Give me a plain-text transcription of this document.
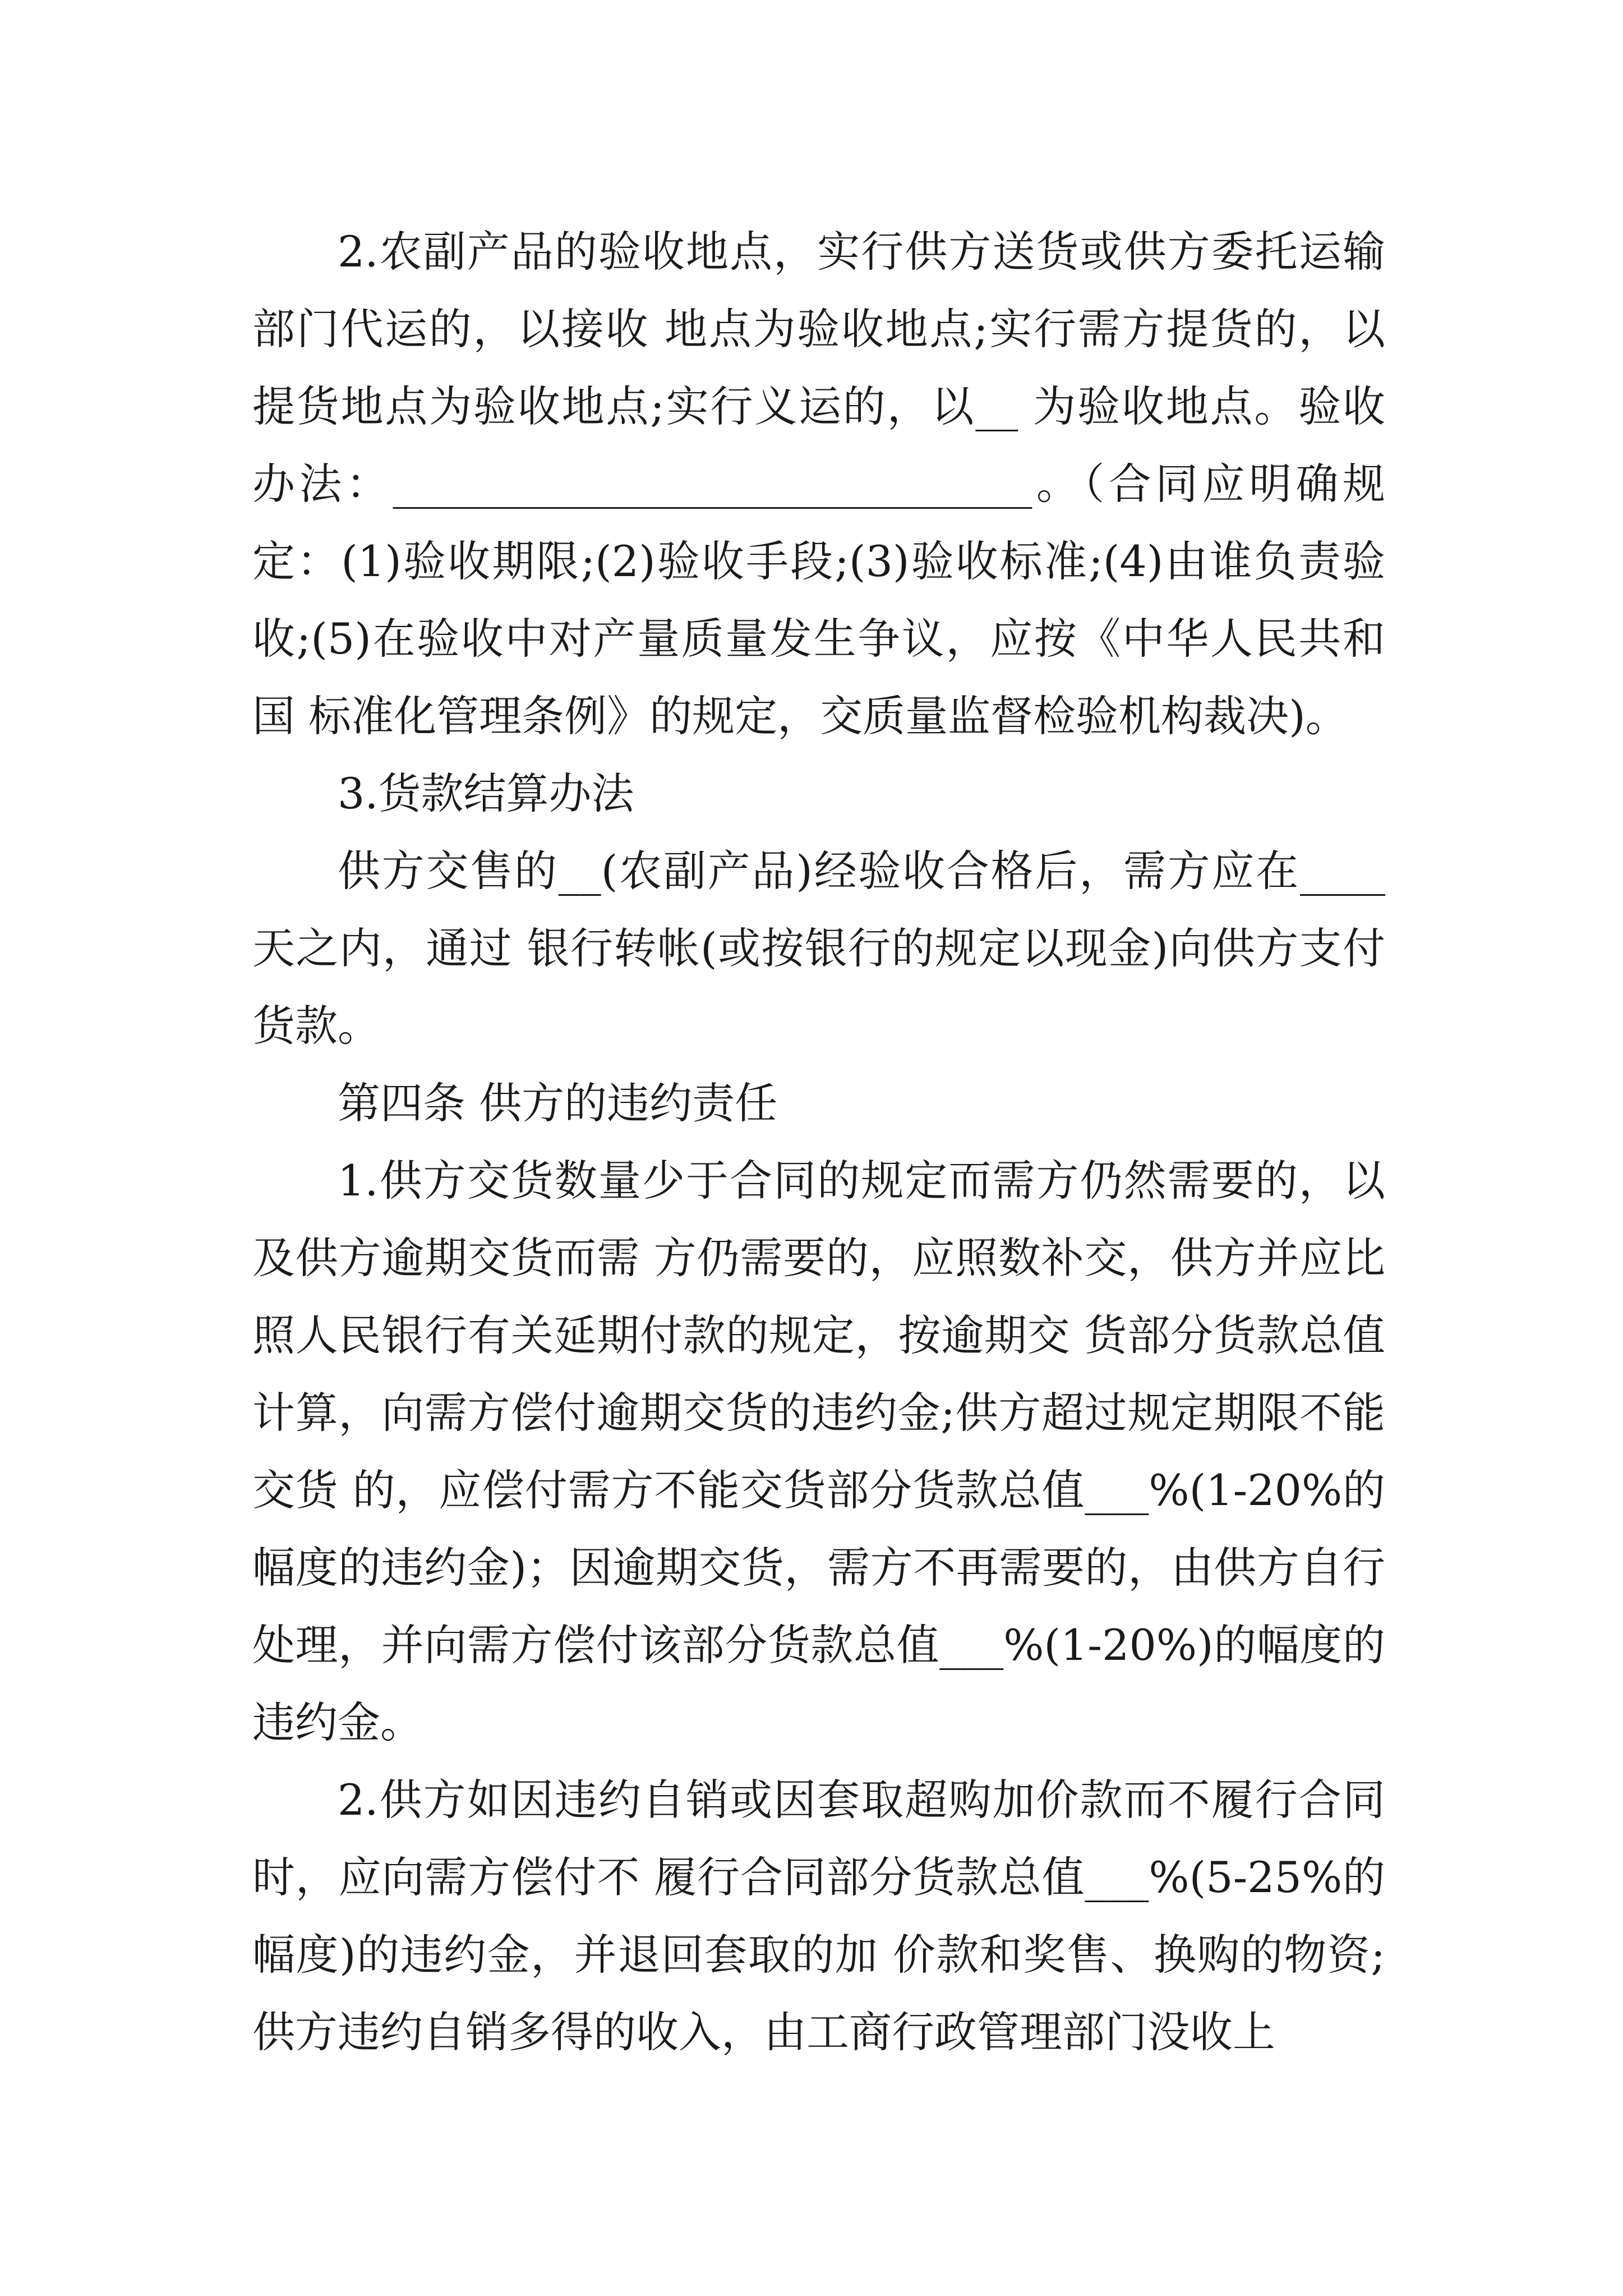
2.农副产品的验收地点，实行供方送货或供方委托运输部门代运的，以接收 地点为验收地点;实行需方提货的，以提货地点为验收地点;实行义运的，以__ 为验收地点。验收办法：______________________________。（合同应明确规定：(1)验收期限;(2)验收手段;(3)验收标准;(4)由谁负责验收;(5)在验收中对产量质量发生争议，应按《中华人民共和国 标准化管理条例》的规定，交质量监督检验机构裁决)。

3.货款结算办法

供方交售的__(农副产品)经验收合格后，需方应在____天之内，通过 银行转帐(或按银行的规定以现金)向供方支付货款。

第四条 供方的违约责任

1.供方交货数量少于合同的规定而需方仍然需要的，以及供方逾期交货而需 方仍需要的，应照数补交，供方并应比照人民银行有关延期付款的规定，按逾期交 货部分货款总值计算，向需方偿付逾期交货的违约金;供方超过规定期限不能交货 的，应偿付需方不能交货部分货款总值___%(1-20%的幅度的违约金)；因逾期交货，需方不再需要的，由供方自行处理，并向需方偿付该部分货款总值___%(1-20%)的幅度的违约金。

2.供方如因违约自销或因套取超购加价款而不履行合同时，应向需方偿付不 履行合同部分货款总值___%(5-25%的幅度)的违约金，并退回套取的加 价款和奖售、换购的物资;供方违约自销多得的收入，由工商行政管理部门没收上
